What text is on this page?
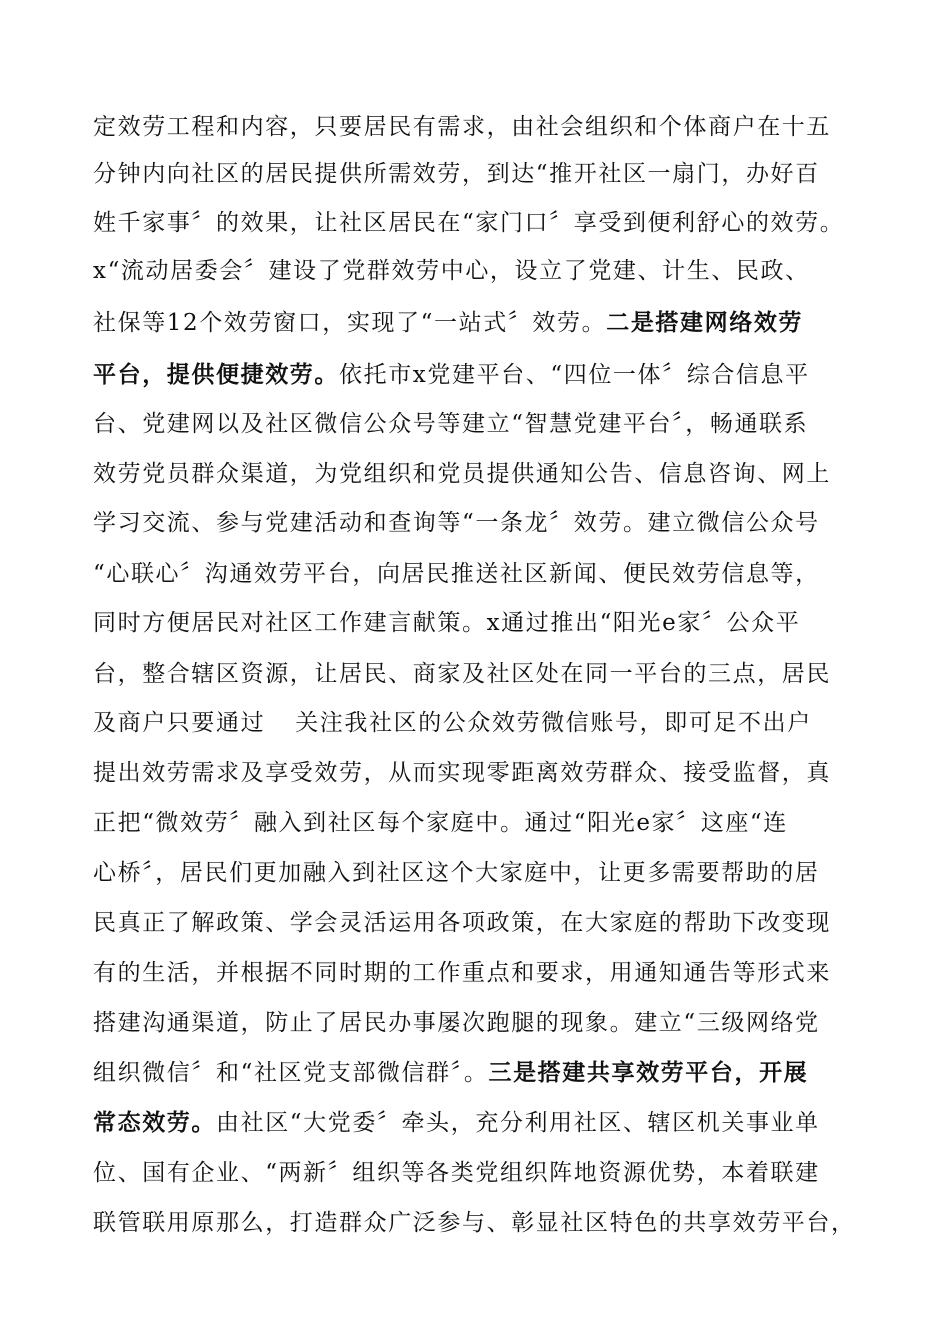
定效劳工程和内容，只要居民有需求，由社会组织和个体商户在十五
分钟内向社区的居民提供所需效劳，到达“推开社区一扇门，办好百
姓千家事〞的效果，让社区居民在“家门口〞享受到便利舒心的效劳。
x“流动居委会〞建设了党群效劳中心，设立了党建、计生、民政、
社保等12个效劳窗口，实现了“一站式〞效劳。二是搭建网络效劳
平台，提供便捷效劳。依托市x党建平台、“四位一体〞综合信息平
台、党建网以及社区微信公众号等建立“智慧党建平台〞，畅通联系
效劳党员群众渠道，为党组织和党员提供通知公告、信息咨询、网上
学习交流、参与党建活动和查询等“一条龙〞效劳。建立微信公众号
“心联心〞沟通效劳平台，向居民推送社区新闻、便民效劳信息等，
同时方便居民对社区工作建言献策。x通过推出“阳光e家〞公众平
台，整合辖区资源，让居民、商家及社区处在同一平台的三点，居民
及商户只要通过 关注我社区的公众效劳微信账号，即可足不出户
提出效劳需求及享受效劳，从而实现零距离效劳群众、接受监督，真
正把“微效劳〞融入到社区每个家庭中。通过“阳光e家〞这座“连
心桥〞，居民们更加融入到社区这个大家庭中，让更多需要帮助的居
民真正了解政策、学会灵活运用各项政策，在大家庭的帮助下改变现
有的生活，并根据不同时期的工作重点和要求，用通知通告等形式来
搭建沟通渠道，防止了居民办事屡次跑腿的现象。建立“三级网络党
组织微信〞和“社区党支部微信群〞。三是搭建共享效劳平台，开展
常态效劳。由社区“大党委〞牵头，充分利用社区、辖区机关事业单
位、国有企业、“两新〞组织等各类党组织阵地资源优势，本着联建
联管联用原那么，打造群众广泛参与、彰显社区特色的共享效劳平台，
